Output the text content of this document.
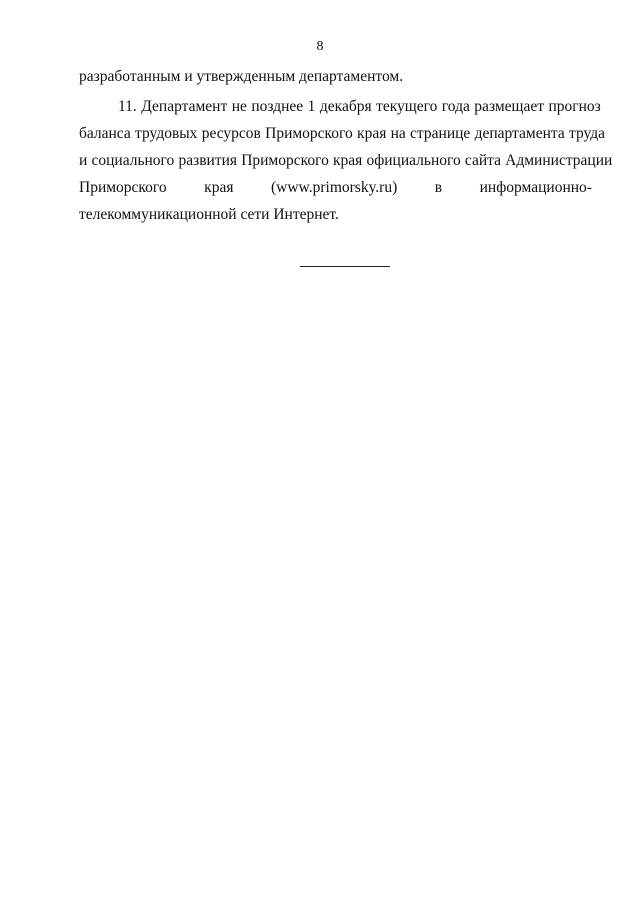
8
разработанным и утвержденным департаментом.
11. Департамент не позднее 1 декабря текущего года размещает прогноз
баланса трудовых ресурсов Приморского края на странице департамента труда
и социального развития Приморского края официального сайта Администрации
Приморского края (www.primorsky.ru) в информационно-
телекоммуникационной сети Интернет.
